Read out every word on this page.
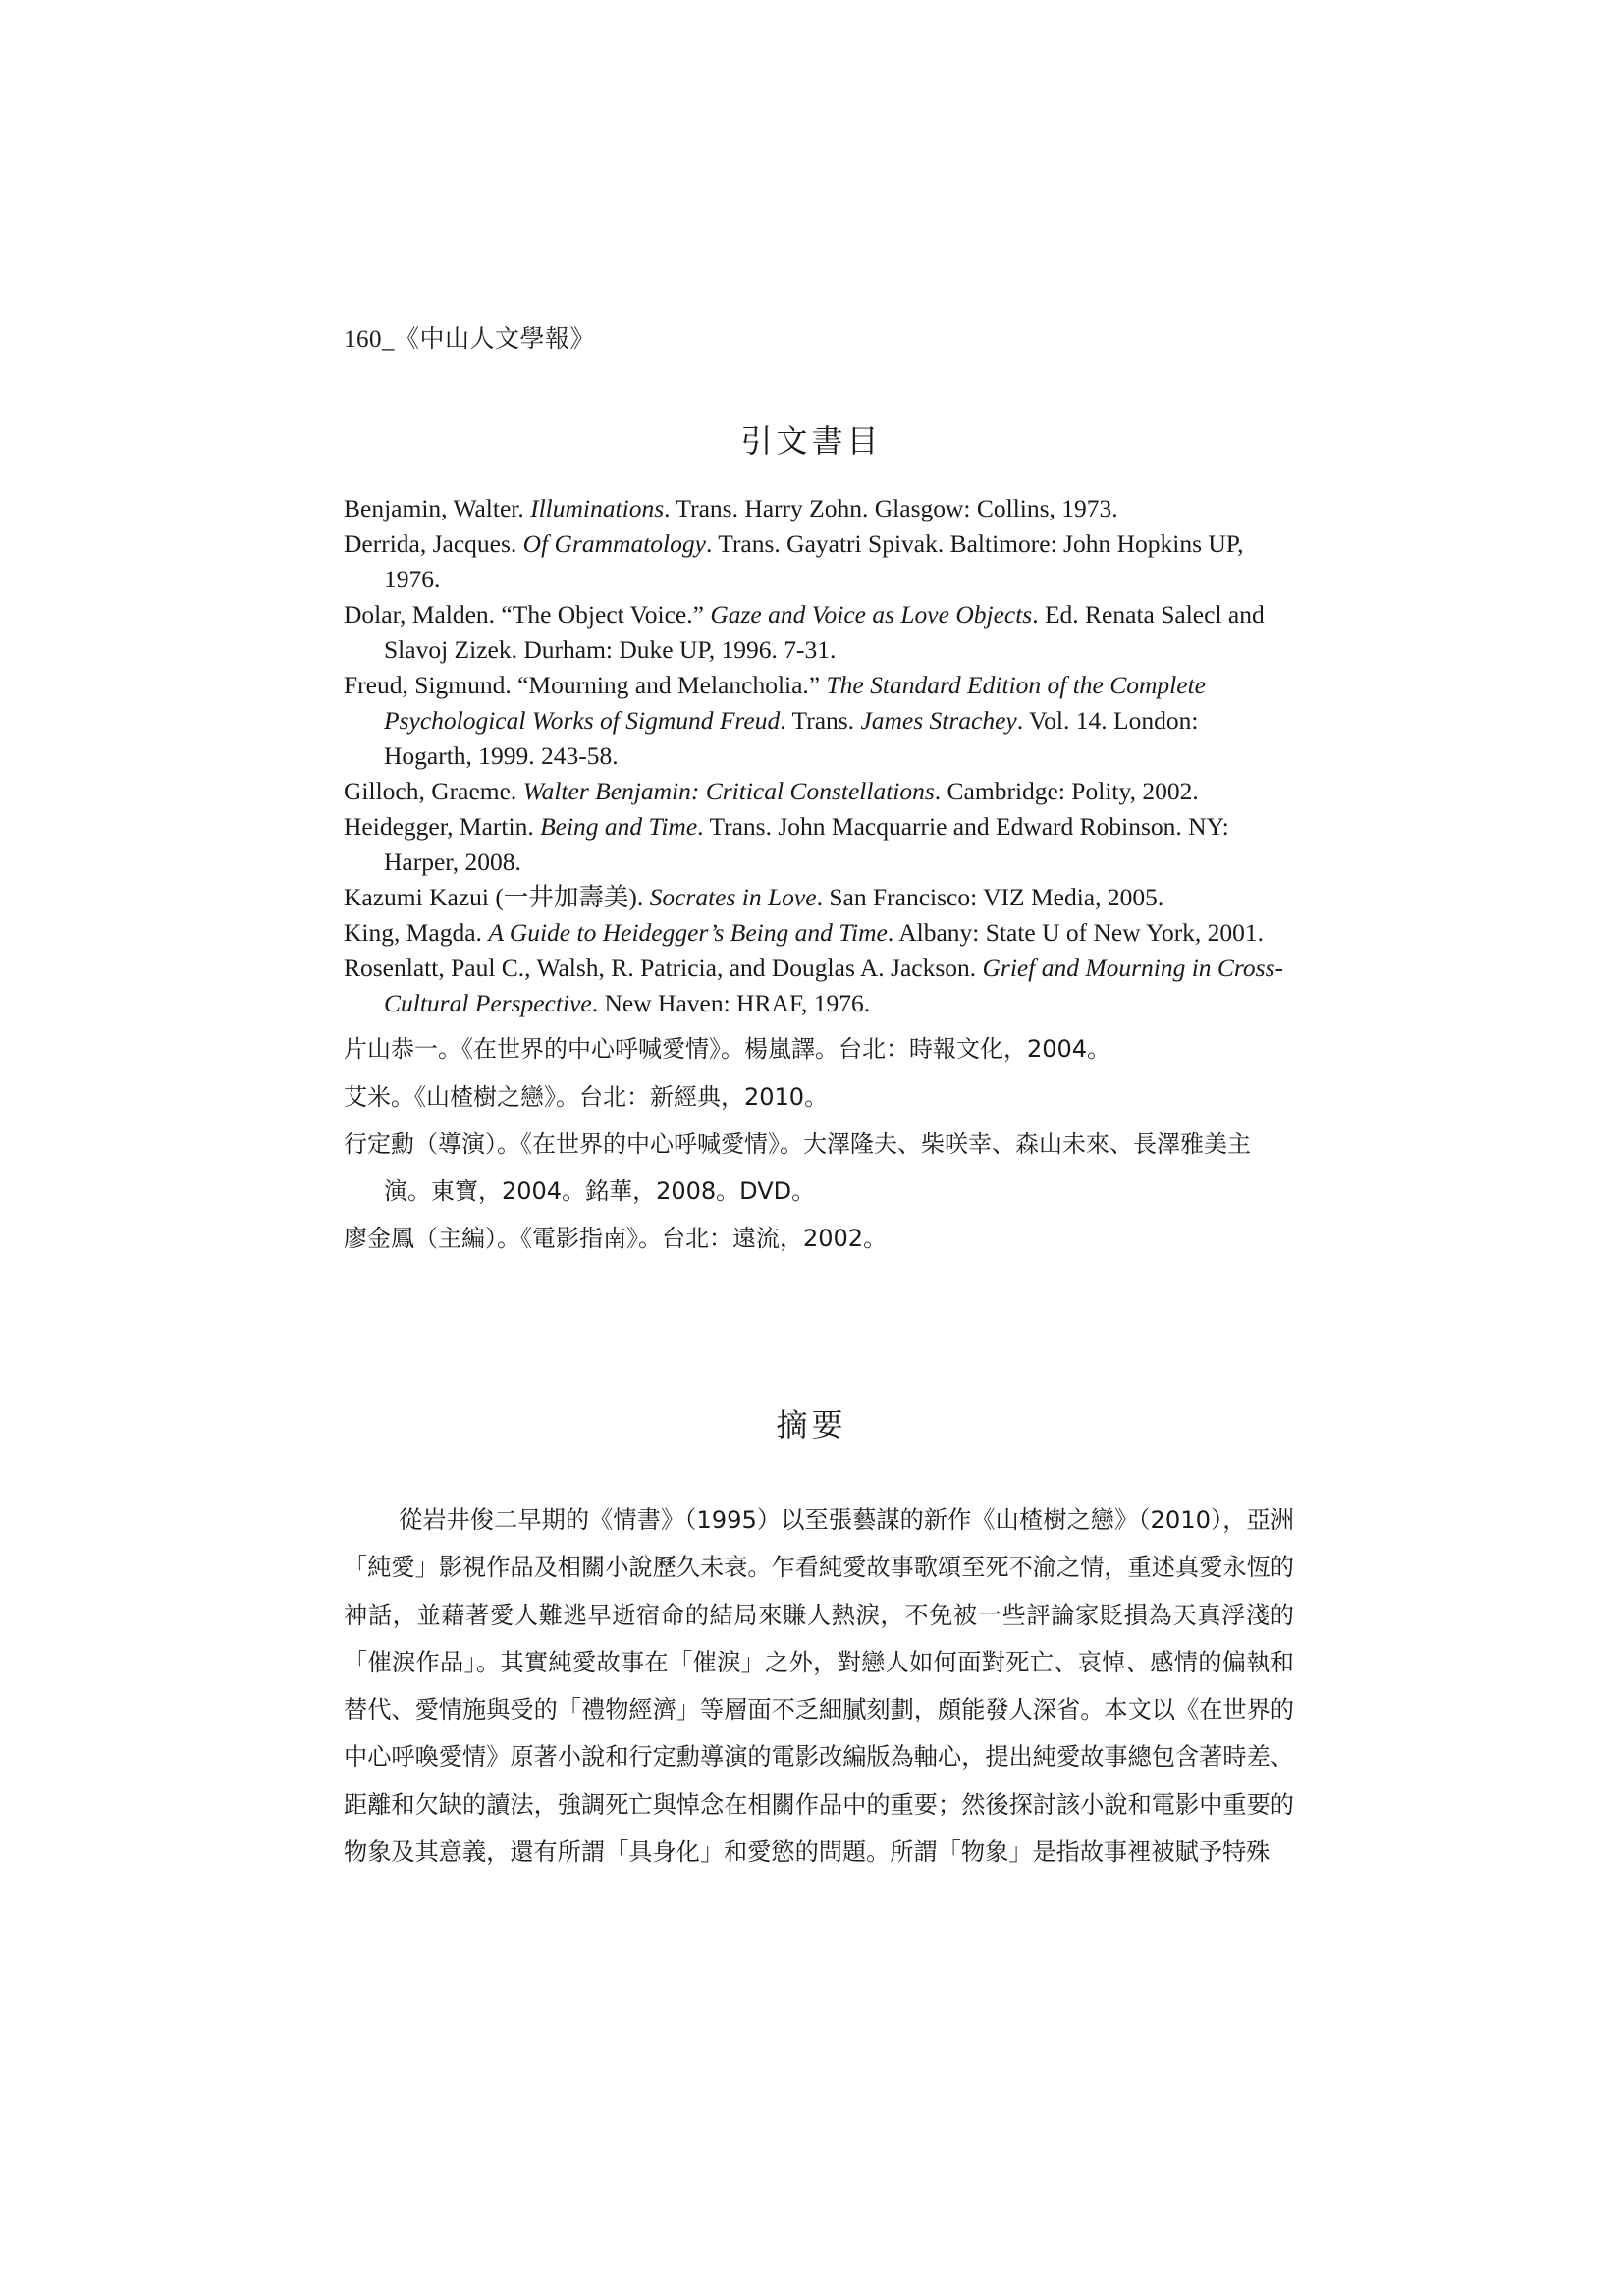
160_《中山人文學報》
引文書目
Benjamin, Walter. Illuminations. Trans. Harry Zohn. Glasgow: Collins, 1973.
Derrida, Jacques. Of Grammatology. Trans. Gayatri Spivak. Baltimore: John Hopkins UP, 1976.
Dolar, Malden. “The Object Voice.” Gaze and Voice as Love Objects. Ed. Renata Salecl and Slavoj Zizek. Durham: Duke UP, 1996. 7-31.
Freud, Sigmund. “Mourning and Melancholia.” The Standard Edition of the Complete Psychological Works of Sigmund Freud. Trans. James Strachey. Vol. 14. London: Hogarth, 1999. 243-58.
Gilloch, Graeme. Walter Benjamin: Critical Constellations. Cambridge: Polity, 2002.
Heidegger, Martin. Being and Time. Trans. John Macquarrie and Edward Robinson. NY: Harper, 2008.
Kazumi Kazui (一井加壽美). Socrates in Love. San Francisco: VIZ Media, 2005.
King, Magda. A Guide to Heidegger’s Being and Time. Albany: State U of New York, 2001.
Rosenlatt, Paul C., Walsh, R. Patricia, and Douglas A. Jackson. Grief and Mourning in Cross-Cultural Perspective. New Haven: HRAF, 1976.
片山恭一。《在世界的中心呼喊愛情》。楊嵐譯。台北：時報文化，2004。
艾米。《山楂樹之戀》。台北：新經典，2010。
行定勳（導演）。《在世界的中心呼喊愛情》。大澤隆夫、柴咲幸、森山未來、長澤雅美主演。東寶，2004。銘華，2008。DVD。
廖金鳳（主編）。《電影指南》。台北：遠流，2002。
摘要

從岩井俊二早期的《情書》（1995）以至張藝謀的新作《山楂樹之戀》（2010），亞洲「純愛」影視作品及相關小說歷久未衰。乍看純愛故事歌頌至死不渝之情，重述真愛永恆的神話，並藉著愛人難逃早逝宿命的結局來賺人熱淚，不免被一些評論家貶損為天真浮淺的「催淚作品」。其實純愛故事在「催淚」之外，對戀人如何面對死亡、哀悼、感情的偏執和替代、愛情施與受的「禮物經濟」等層面不乏細膩刻劃，頗能發人深省。本文以《在世界的中心呼喚愛情》原著小說和行定勳導演的電影改編版為軸心，提出純愛故事總包含著時差、距離和欠缺的讀法，強調死亡與悼念在相關作品中的重要；然後探討該小說和電影中重要的物象及其意義，還有所謂「具身化」和愛慾的問題。所謂「物象」是指故事裡被賦予特殊
